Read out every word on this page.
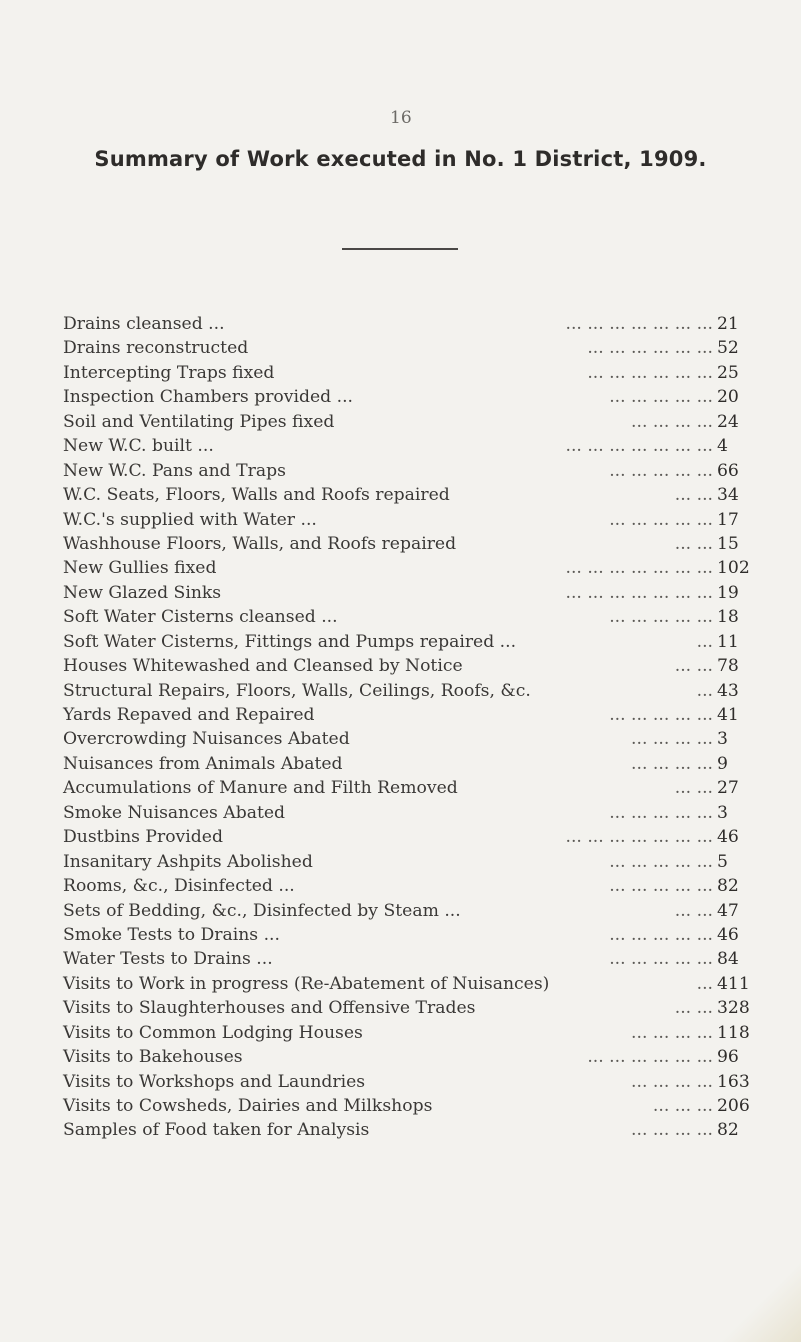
16
Summary of Work executed in No. 1 District, 1909.
... ... ... ... ... ... ...
Drains cleansed ...	21
... ... ... ... ... ...
Drains reconstructed	52
... ... ... ... ... ...
Intercepting Traps fixed	25
... ... ... ... ...
Inspection Chambers provided ...	20
... ... ... ...
Soil and Ventilating Pipes fixed	24
... ... ... ... ... ... ...
New W.C. built ...	4
... ... ... ... ...
New W.C. Pans and Traps	66
... ...
W.C. Seats, Floors, Walls and Roofs repaired	34
... ... ... ... ...
W.C.'s supplied with Water ...	17
... ...
Washhouse Floors, Walls, and Roofs repaired	15
... ... ... ... ... ... ...
New Gullies fixed	102
... ... ... ... ... ... ...
New Glazed Sinks	19
... ... ... ... ...
Soft Water Cisterns cleansed ...	18
...
Soft Water Cisterns, Fittings and Pumps repaired ...	11
... ...
Houses Whitewashed and Cleansed by Notice	78
...
Structural Repairs, Floors, Walls, Ceilings, Roofs, &c.	43
... ... ... ... ...
Yards Repaved and Repaired	41
... ... ... ...
Overcrowding Nuisances Abated	3
... ... ... ...
Nuisances from Animals Abated	9
... ...
Accumulations of Manure and Filth Removed	27
... ... ... ... ...
Smoke Nuisances Abated	3
... ... ... ... ... ... ...
Dustbins Provided	46
... ... ... ... ...
Insanitary Ashpits Abolished	5
... ... ... ... ...
Rooms, &c., Disinfected ...	82
... ...
Sets of Bedding, &c., Disinfected by Steam ...	47
... ... ... ... ...
Smoke Tests to Drains ...	46
... ... ... ... ...
Water Tests to Drains ...	84
...
Visits to Work in progress (Re-Abatement of Nuisances)	411
... ...
Visits to Slaughterhouses and Offensive Trades	328
... ... ... ...
Visits to Common Lodging Houses	118
... ... ... ... ... ...
Visits to Bakehouses	96
... ... ... ...
Visits to Workshops and Laundries	163
... ... ...
Visits to Cowsheds, Dairies and Milkshops	206
... ... ... ...
Samples of Food taken for Analysis	82
